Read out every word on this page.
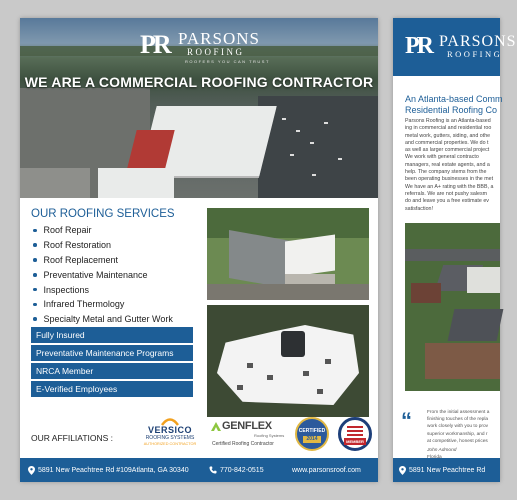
PR PARSONS
ROOFING
ROOFERS YOU CAN TRUST
WE ARE A COMMERCIAL ROOFING CONTRACTOR
OUR ROOFING SERVICES
Roof Repair
Roof Restoration
Roof Replacement
Preventative Maintenance
Inspections
Infrared Thermology
Specialty Metal and Gutter Work
Fully Insured
Preventative Maintenance Programs
NRCA Member
E-Verified Employees
OUR AFFILIATIONS :
VERSICO
ROOFING SYSTEMS
AUTHORIZED CONTRACTOR
GENFLEX
Roofing Systems
Certified Roofing Contractor
CERTIFIED
2014	MEMBER
5891 New Peachtree Rd #109Atlanta, GA 30340	770-842-0515	www.parsonsroof.com
PR PARSONS
ROOFING
An Atlanta-based Comm
Residential Roofing Co
Parsons Roofing is an Atlanta-based
ing in commercial and residential roo
metal work, gutters, siding, and othe
and commercial properties. We do t
as well as larger commercial project
We work with general contracto
managers, real estate agents, and a
help. The company stems from the
been operating businesses in the met
We have an A+ rating with the BBB, a
referrals. We are not pushy salesm
do and leave you a free estimate ev
satisfaction!
“	From the initial assessment a
finishing touches of the repla
work closely with you to prov
superior workmanship, and r
at competitive, honest prices
John Admond
5891 New Peachtree Rd
